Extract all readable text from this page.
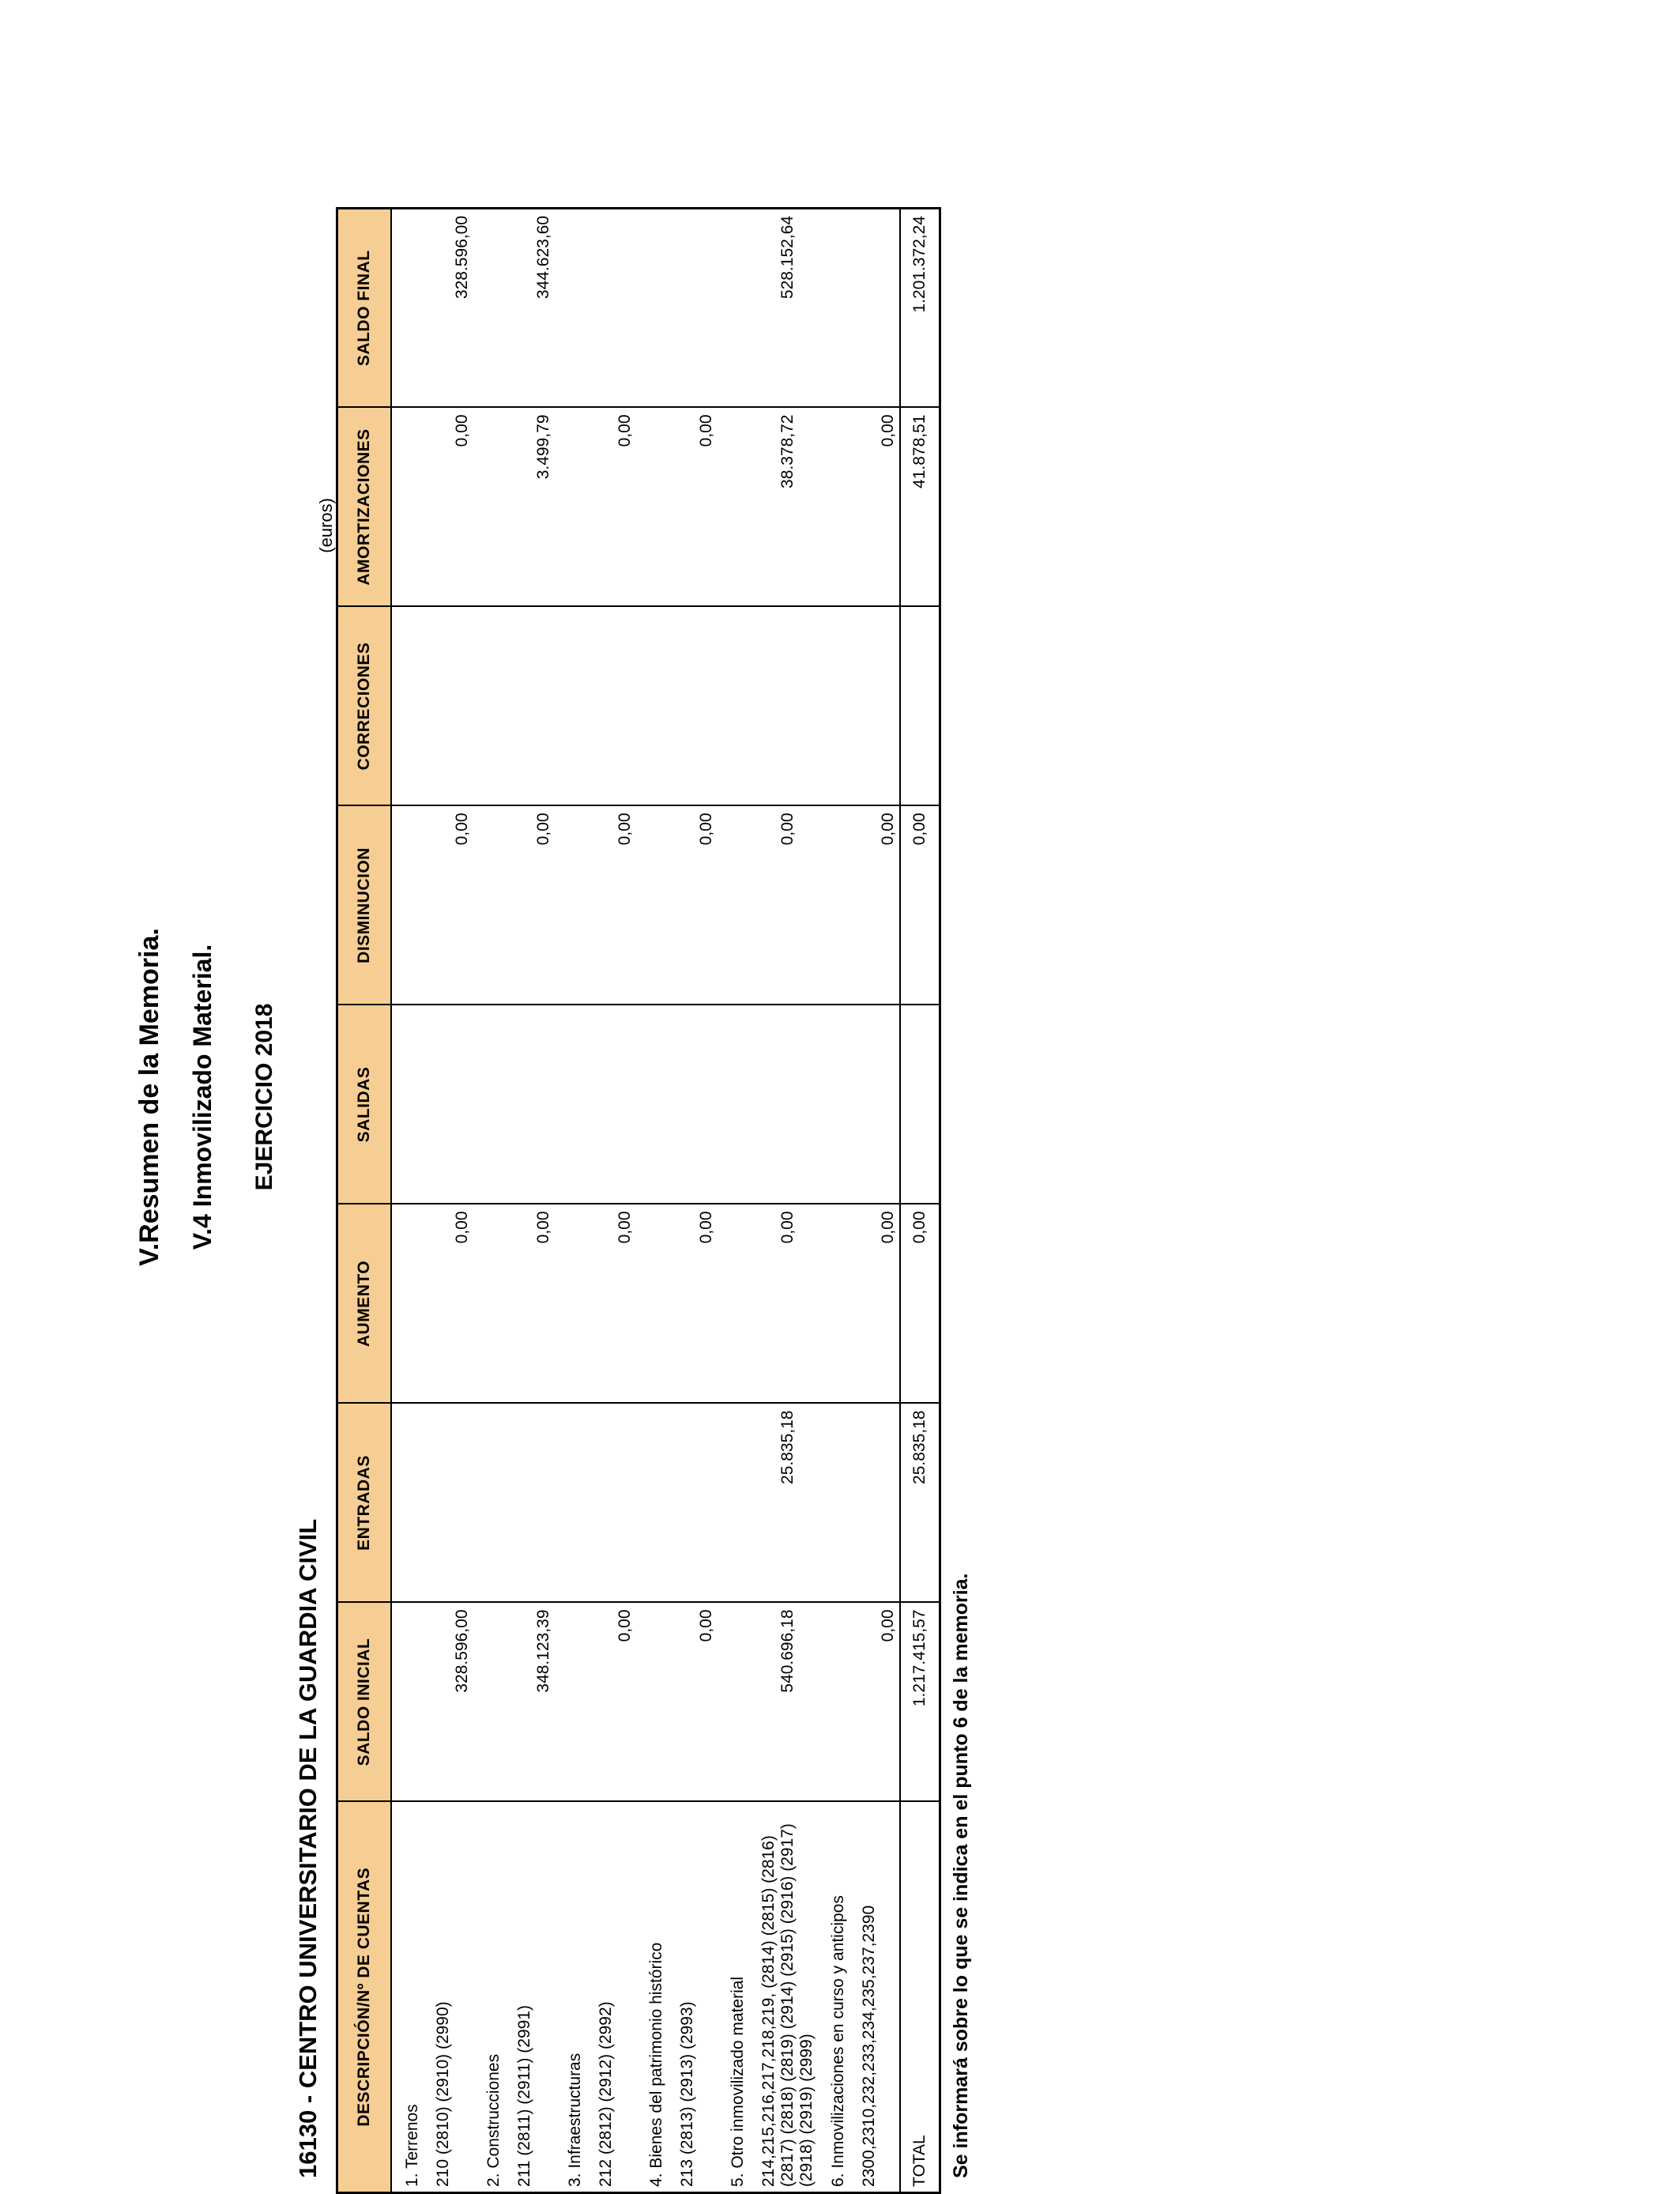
V.Resumen de la Memoria. V.4 Inmovilizado Material. EJERCICIO 2018
16130 - CENTRO UNIVERSITARIO DE LA GUARDIA CIVIL
(euros)
DESCRIPCIÓN/Nº DE CUENTAS	SALDO INICIAL	ENTRADAS	AUMENTO	SALIDAS	DISMINUCION	CORRECIONES	AMORTIZACIONES	SALDO FINAL
1. Terrenos								
210 (2810) (2910) (2990)	328.596,00		0,00		0,00		0,00	328.596,00
2. Construcciones								
211 (2811) (2911) (2991)	348.123,39		0,00		0,00		3.499,79	344.623,60
3. Infraestructuras								
212 (2812) (2912) (2992)	0,00		0,00		0,00		0,00	
4. Bienes del patrimonio histórico								
213 (2813) (2913) (2993)	0,00		0,00		0,00		0,00	
5. Otro inmovilizado material								
214,215,216,217,218,219, (2814) (2815) (2816) (2817) (2818) (2819) (2914) (2915) (2916) (2917) (2918) (2919) (2999)	540.696,18	25.835,18	0,00		0,00		38.378,72	528.152,64
6. Inmovilizaciones en curso y anticipos								
2300,2310,232,233,234,235,237,2390	0,00		0,00		0,00		0,00	
TOTAL	1.217.415,57	25.835,18	0,00		0,00		41.878,51	1.201.372,24
Se informará sobre lo que se indica en el punto 6 de la memoria.
